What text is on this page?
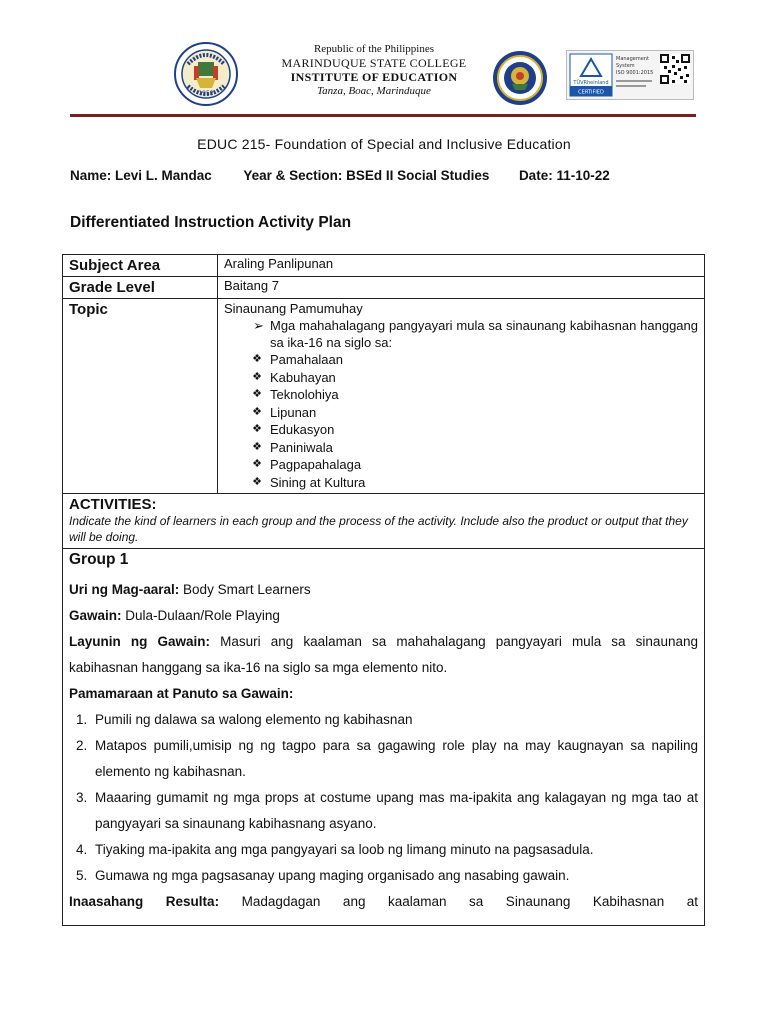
1952
Republic of the Philippines
MARINDUQUE STATE COLLEGE
INSTITUTE OF EDUCATION
Tanza, Boac, Marinduque
TÜVRheinland
CERTIFIED
Management
System
ISO 9001:2015
EDUC 215- Foundation of Special and Inclusive Education
Name: Levi L. Mandac Year & Section: BSEd II Social Studies Date: 11-10-22
Differentiated Instruction Activity Plan
Subject Area	Araling Panlipunan
Grade Level	Baitang 7
Topic	Sinaunang Pamumuhay
➢ Mga mahahalagang pangyayari mula sa sinaunang kabihasnan hanggang sa ika-16 na siglo sa:
❖ Pamahalaan
❖ Kabuhayan
❖ Teknolohiya
❖ Lipunan
❖ Edukasyon
❖ Paniniwala
❖ Pagpapahalaga
❖ Sining at Kultura
ACTIVITIES:

Indicate the kind of learners in each group and the process of the activity. Include also the product or output that they will be doing.

Group 1
Uri ng Mag-aaral: Body Smart Learners
Gawain: Dula-Dulaan/Role Playing
Layunin ng Gawain: Masuri ang kaalaman sa mahahalagang pangyayari mula sa sinaunang kabihasnan hanggang sa ika-16 na siglo sa mga elemento nito.
Pamamaraan at Panuto sa Gawain:
1. Pumili ng dalawa sa walong elemento ng kabihasnan
2. Matapos pumili,umisip ng ng tagpo para sa gagawing role play na may kaugnayan sa napiling elemento ng kabihasnan.
3. Maaaring gumamit ng mga props at costume upang mas ma-ipakita ang kalagayan ng mga tao at pangyayari sa sinaunang kabihasnang asyano.
4. Tiyaking ma-ipakita ang mga pangyayari sa loob ng limang minuto na pagsasadula.
5. Gumawa ng mga pagsasanay upang maging organisado ang nasabing gawain.
Inaasahang Resulta: Madagdagan ang kaalaman sa Sinaunang Kabihasnan at
